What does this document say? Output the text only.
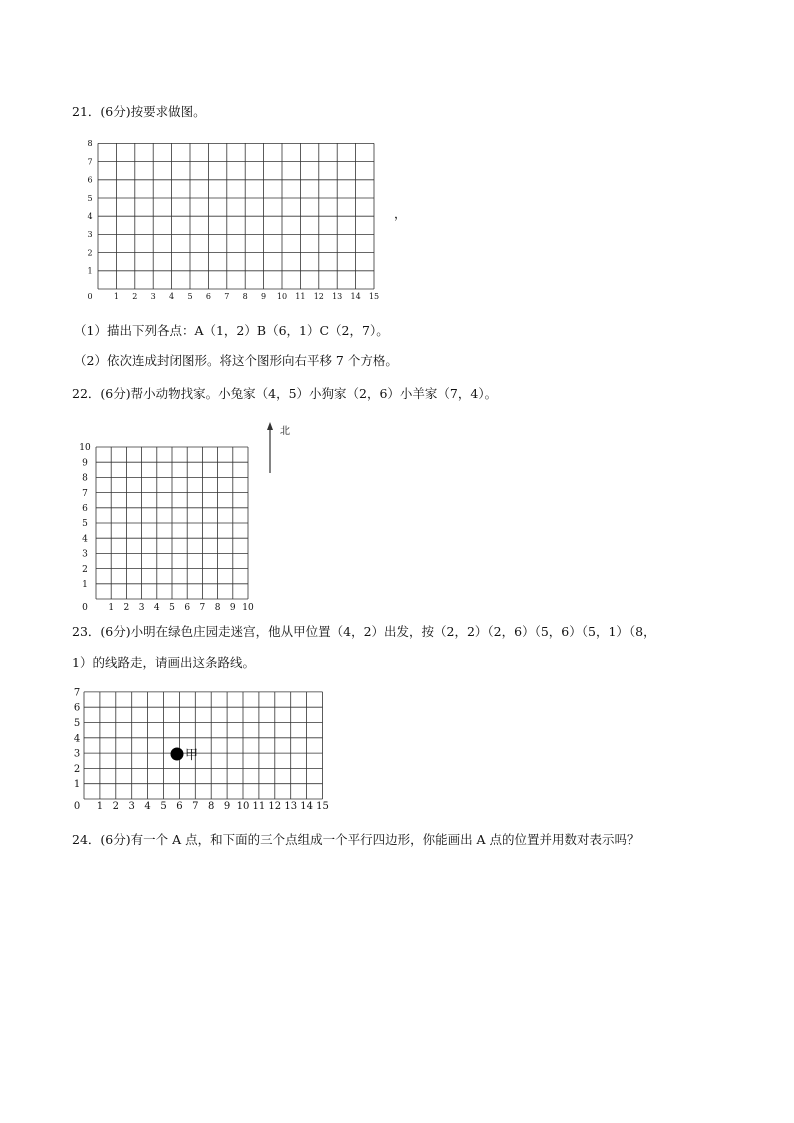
21．(6分)按要求做图。
0	1 2 3 4 5 6 7 8 9 10 11 12 13 14 15
1
2
3
4
5
6
7
8
，
（1）描出下列各点：A（1，2）B（6，1）C（2，7）。
（2）依次连成封闭图形。将这个图形向右平移 7 个方格。
22．(6分)帮小动物找家。小兔家（4，5）小狗家（2，6）小羊家（7，4）。
0 1 2 3 4 5 6 7 8 9 10
1
2
3
4
5
6
7
8
9
10
北
23．(6分)小明在绿色庄园走迷宫，他从甲位置（4，2）出发，按（2，2）（2，6）（5，6）（5，1）（8，
1）的线路走，请画出这条路线。
0 1 2 3 4 5 6 7 8 9 10 11 12 13 14 15
1
2
3
4
5
6
7
甲
24．(6分)有一个 A 点，和下面的三个点组成一个平行四边形，你能画出 A 点的位置并用数对表示吗？
